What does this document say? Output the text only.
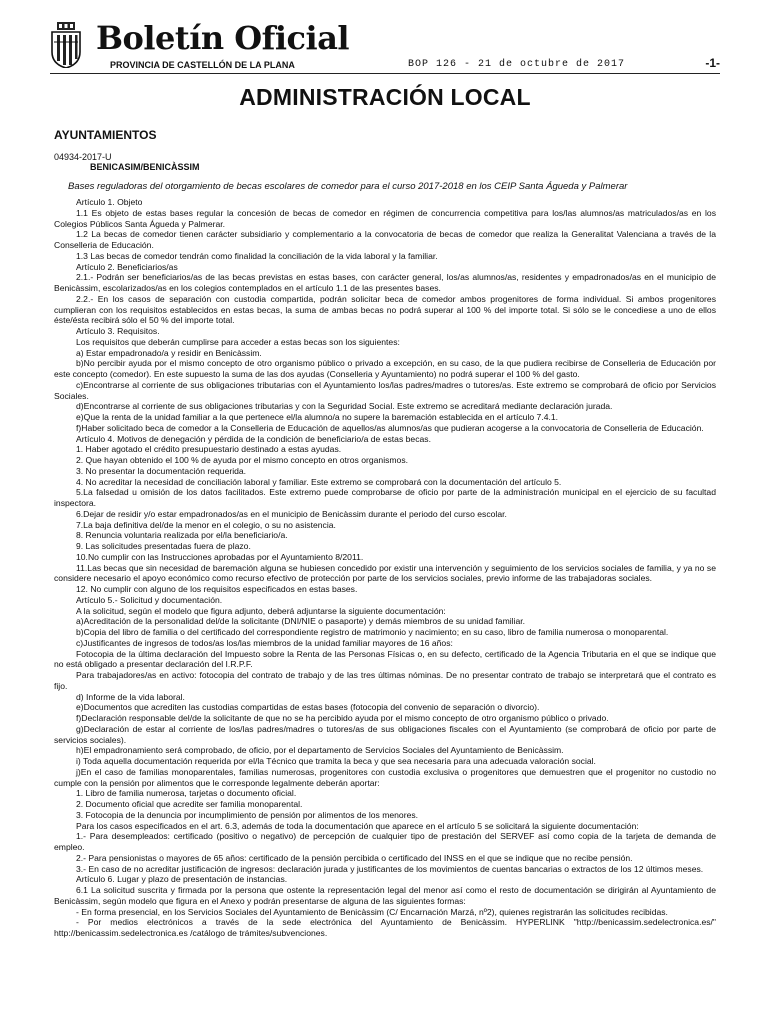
Boletín Oficial
PROVINCIA DE CASTELLÓN DE LA PLANA	BOP 126 - 21 de octubre de 2017	-1-
ADMINISTRACIÓN LOCAL
AYUNTAMIENTOS
04934-2017-U
BENICASIM/BENICÀSSIM
Bases reguladoras del otorgamiento de becas escolares de comedor para el curso 2017-2018 en los CEIP Santa Águeda y Palmerar

Artículo 1. Objeto

1.1 Es objeto de estas bases regular la concesión de becas de comedor en régimen de concurrencia competitiva para los/las alumnos/as matriculados/as en los Colegios Públicos Santa Águeda y Palmerar.

1.2 La becas de comedor tienen carácter subsidiario y complementario a la convocatoria de becas de comedor que realiza la Generalitat Valenciana a través de la Conselleria de Educación.

1.3 Las becas de comedor tendrán como finalidad la conciliación de la vida laboral y la familiar.

Artículo 2. Beneficiarios/as

2.1.- Podrán ser beneficiarios/as de las becas previstas en estas bases, con carácter general, los/as alumnos/as, residentes y empadronados/as en el municipio de Benicàssim, escolarizados/as en los colegios contemplados en el artículo 1.1 de las presentes bases.

2.2.- En los casos de separación con custodia compartida, podrán solicitar beca de comedor ambos progenitores de forma individual. Si ambos progenitores cumplieran con los requisitos establecidos en estas becas, la suma de ambas becas no podrá superar al 100 % del importe total. Si sólo se le concediese a uno de ellos éste/ésta recibirá sólo el 50 % del importe total.

Artículo 3. Requisitos.

Los requisitos que deberán cumplirse para acceder a estas becas son los siguientes:

a) Estar empadronado/a y residir en Benicàssim.

b)No percibir ayuda por el mismo concepto de otro organismo público o privado a excepción, en su caso, de la que pudiera recibirse de Conselleria de Educación por este concepto (comedor). En este supuesto la suma de las dos ayudas (Conselleria y Ayuntamiento) no podrá superar el 100 % del gasto.

c)Encontrarse al corriente de sus obligaciones tributarias con el Ayuntamiento los/las padres/madres o tutores/as. Este extremo se comprobará de oficio por Servicios Sociales.

d)Encontrarse al corriente de sus obligaciones tributarias y con la Seguridad Social. Este extremo se acreditará mediante declaración jurada.

e)Que la renta de la unidad familiar a la que pertenece el/la alumno/a no supere la baremación establecida en el artículo 7.4.1.

f)Haber solicitado beca de comedor a la Conselleria de Educación de aquellos/as alumnos/as que pudieran acogerse a la convocatoria de Conselleria de Educación.

Artículo 4. Motivos de denegación y pérdida de la condición de beneficiario/a de estas becas.

1. Haber agotado el crédito presupuestario destinado a estas ayudas.

2. Que hayan obtenido el 100 % de ayuda por el mismo concepto en otros organismos.

3. No presentar la documentación requerida.

4. No acreditar la necesidad de conciliación laboral y familiar. Este extremo se comprobará con la documentación del artículo 5.

5.La falsedad u omisión de los datos facilitados. Este extremo puede comprobarse de oficio por parte de la administración municipal en el ejercicio de su facultad inspectora.

6.Dejar de residir y/o estar empadronados/as en el municipio de Benicàssim durante el periodo del curso escolar.

7.La baja definitiva del/de la menor en el colegio, o su no asistencia.

8. Renuncia voluntaria realizada por el/la beneficiario/a.

9. Las solicitudes presentadas fuera de plazo.

10.No cumplir con las Instrucciones aprobadas por el Ayuntamiento 8/2011.

11.Las becas que sin necesidad de baremación alguna se hubiesen concedido por existir una intervención y seguimiento de los servicios sociales de familia, y ya no se considere necesario el apoyo económico como recurso efectivo de protección por parte de los servicios sociales, previo informe de las trabajadoras sociales.

12. No cumplir con alguno de los requisitos especificados en estas bases.

Artículo 5.- Solicitud y documentación.

A la solicitud, según el modelo que figura adjunto, deberá adjuntarse la siguiente documentación:

a)Acreditación de la personalidad del/de la solicitante (DNI/NIE o pasaporte) y demás miembros de su unidad familiar.

b)Copia del libro de familia o del certificado del correspondiente registro de matrimonio y nacimiento; en su caso, libro de familia numerosa o monoparental.

c)Justificantes de ingresos de todos/as los/las miembros de la unidad familiar mayores de 16 años:

Fotocopia de la última declaración del Impuesto sobre la Renta de las Personas Físicas o, en su defecto, certificado de la Agencia Tributaria en el que se indique que no está obligado a presentar declaración del I.R.P.F.

Para trabajadores/as en activo: fotocopia del contrato de trabajo y de las tres últimas nóminas. De no presentar contrato de trabajo se interpretará que el contrato es fijo.

d) Informe de la vida laboral.

e)Documentos que acrediten las custodias compartidas de estas bases (fotocopia del convenio de separación o divorcio).

f)Declaración responsable del/de la solicitante de que no se ha percibido ayuda por el mismo concepto de otro organismo público o privado.

g)Declaración de estar al corriente de los/las padres/madres o tutores/as de sus obligaciones fiscales con el Ayuntamiento (se comprobará de oficio por parte de servicios sociales).

h)El empadronamiento será comprobado, de oficio, por el departamento de Servicios Sociales del Ayuntamiento de Benicàssim.

i) Toda aquella documentación requerida por el/la Técnico que tramita la beca y que sea necesaria para una adecuada valoración social.

j)En el caso de familias monoparentales, familias numerosas, progenitores con custodia exclusiva o progenitores que demuestren que el progenitor no custodio no cumple con la pensión por alimentos que le corresponde legalmente deberán aportar:

1. Libro de familia numerosa, tarjetas o documento oficial.

2. Documento oficial que acredite ser familia monoparental.

3. Fotocopia de la denuncia por incumplimiento de pensión por alimentos de los menores.

Para los casos especificados en el art. 6.3, además de toda la documentación que aparece en el artículo 5 se solicitará la siguiente documentación:

1.- Para desempleados: certificado (positivo o negativo) de percepción de cualquier tipo de prestación del SERVEF así como copia de la tarjeta de demanda de empleo.

2.- Para pensionistas o mayores de 65 años: certificado de la pensión percibida o certificado del INSS en el que se indique que no recibe pensión.

3.- En caso de no acreditar justificación de ingresos: declaración jurada y justificantes de los movimientos de cuentas bancarias o extractos de los 12 últimos meses.

Artículo 6. Lugar y plazo de presentación de instancias.

6.1 La solicitud suscrita y firmada por la persona que ostente la representación legal del menor así como el resto de documentación se dirigirán al Ayuntamiento de Benicàssim, según modelo que figura en el Anexo y podrán presentarse de alguna de las siguientes formas:

- En forma presencial, en los Servicios Sociales del Ayuntamiento de Benicàssim (C/ Encarnación Marzá, nº2), quienes registrarán las solicitudes recibidas.

- Por medios electrónicos a través de la sede electrónica del Ayuntamiento de Benicàssim. HYPERLINK "http://benicassim.sedelectronica.es/" http://benicassim.sedelectronica.es /catálogo de trámites/subvenciones.
